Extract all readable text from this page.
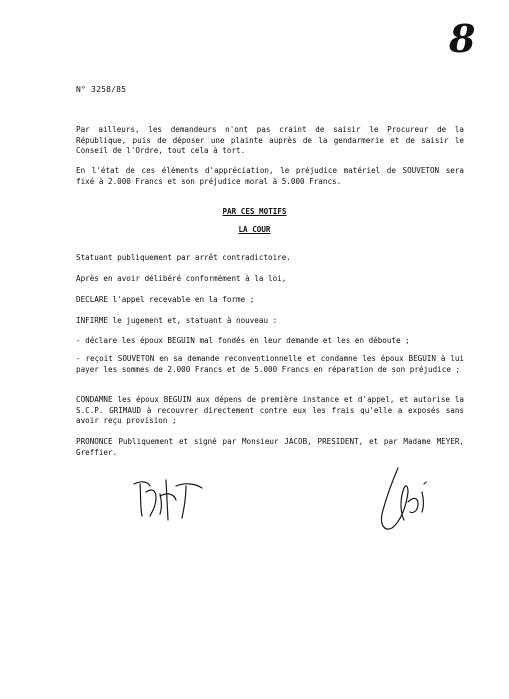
8
N° 3258/85
Par ailleurs, les demandeurs n'ont pas craint de saisir le Procureur de la République, puis de déposer une plainte auprès de la gendarmerie et de saisir le Conseil de l'Ordre, tout cela à tort.
En l'état de ces éléments d'appréciation, le préjudice matériel de SOUVETON sera fixé à 2.000 Francs et son préjudice moral à 5.000 Francs.
PAR CES MOTIFS
LA COUR
Statuant publiquement par arrêt contradictoire.
Après en avoir délibéré conformément à la loi,
DECLARE l'appel recevable en la forme ;
INFIRME le jugement et, statuant à nouveau :
- déclare les époux BEGUIN mal fondés en leur demande et les en déboute ;
- reçoit SOUVETON en sa demande reconventionnelle et condamne les époux BEGUIN à lui payer les sommes de 2.000 Francs et de 5.000 Francs en réparation de son préjudice ;
CONDAMNE les époux BEGUIN aux dépens de première instance et d'appel, et autorise la S.C.P. GRIMAUD à recouvrer directement contre eux les frais qu'elle a exposés sans avoir reçu provision ;
PRONONCE Publiquement et signé par Monsieur JACOB, PRESIDENT, et par Madame MEYER, Greffier.
